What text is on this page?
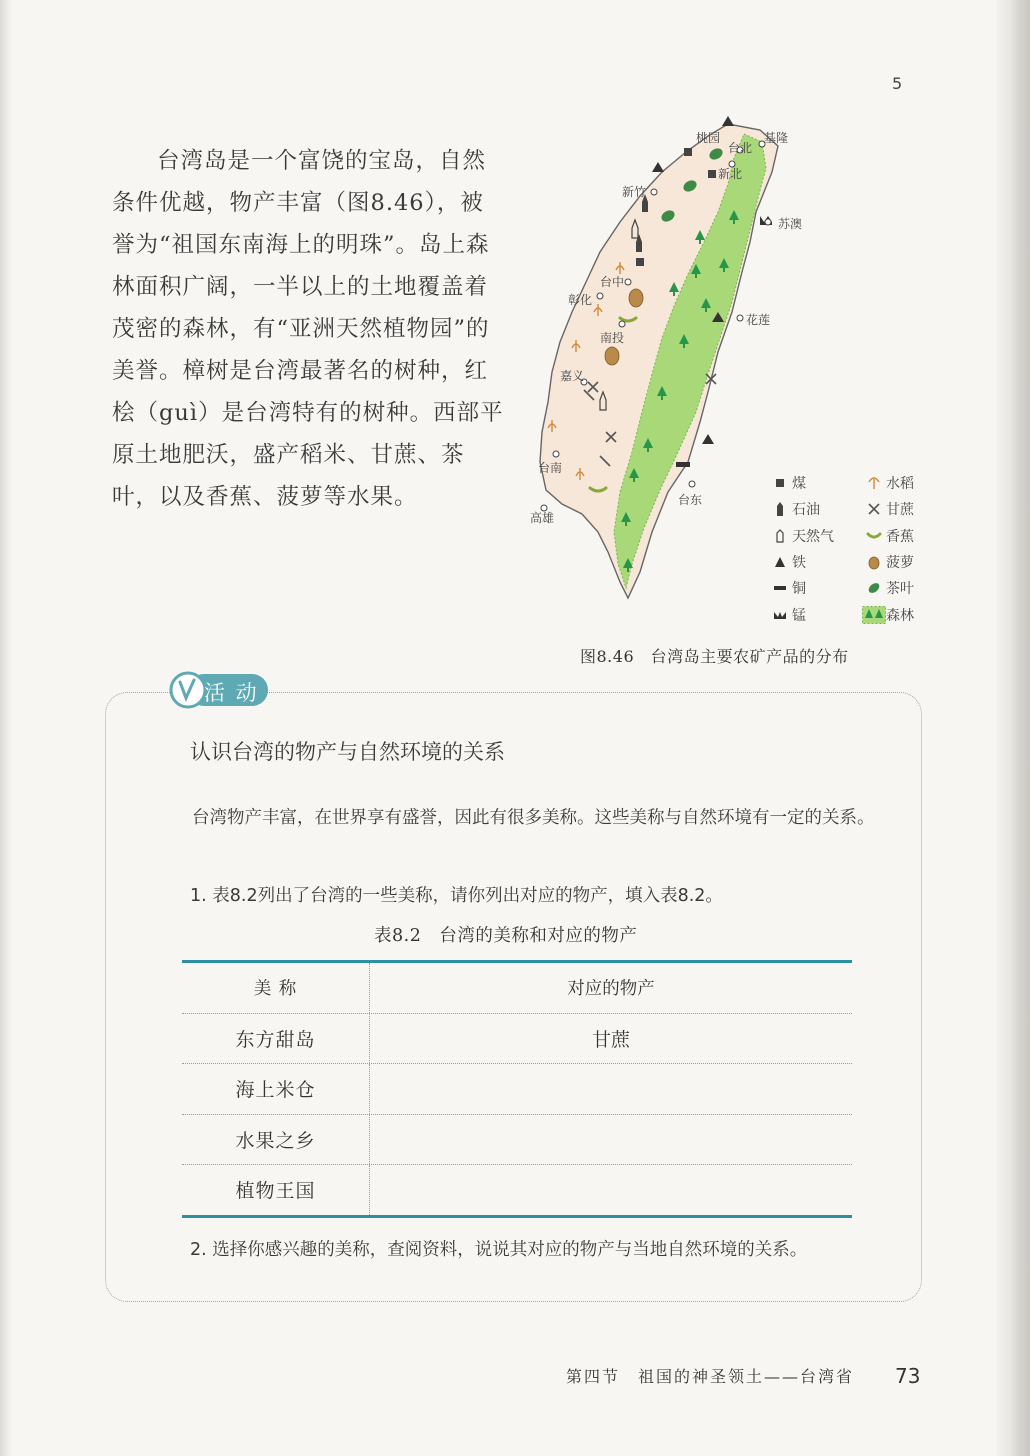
5

台湾岛是一个富饶的宝岛，自然条件优越，物产丰富（图8.46），被誉为“祖国东南海上的明珠”。岛上森林面积广阔，一半以上的土地覆盖着茂密的森林，有“亚洲天然植物园”的美誉。樟树是台湾最著名的树种，红桧（guì）是台湾特有的树种。西部平原土地肥沃，盛产稻米、甘蔗、茶叶，以及香蕉、菠萝等水果。

基隆
桃园
台北
新北
新竹
苏澳
台中
彰化
花莲
南投
嘉义
台南
台东
高雄
煤
石油
天然气
铁
铜
锰
水稻
甘蔗
香蕉
菠萝
茶叶
森林
图8.46　台湾岛主要农矿产品的分布
活 动
认识台湾的物产与自然环境的关系

台湾物产丰富，在世界享有盛誉，因此有很多美称。这些美称与自然环境有一定的关系。

1. 表8.2列出了台湾的一些美称，请你列出对应的物产，填入表8.2。
表8.2　台湾的美称和对应的物产
美 称	对应的物产
东方甜岛	甘蔗
海上米仓
水果之乡
植物王国
2. 选择你感兴趣的美称，查阅资料，说说其对应的物产与当地自然环境的关系。
第四节　祖国的神圣领土——台湾省 73
